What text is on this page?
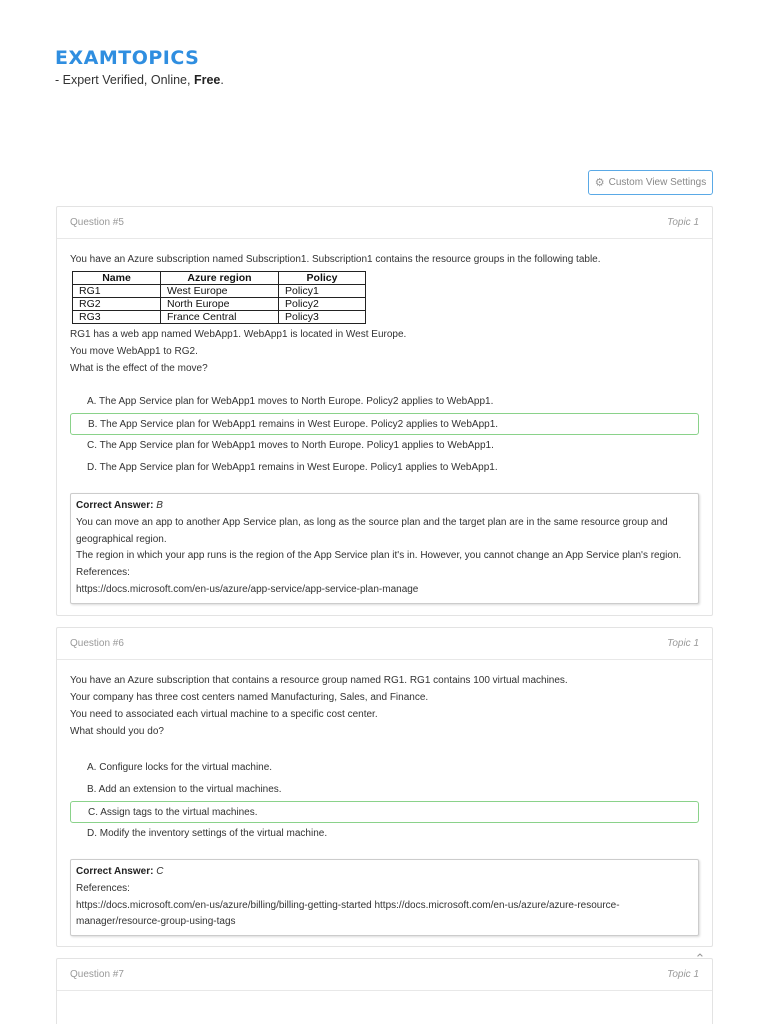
EXAMTOPICS
- Expert Verified, Online, Free.
⚙ Custom View Settings
Question #5	Topic 1
You have an Azure subscription named Subscription1. Subscription1 contains the resource groups in the following table.
Name	Azure region	Policy
RG1	West Europe	Policy1
RG2	North Europe	Policy2
RG3	France Central	Policy3
RG1 has a web app named WebApp1. WebApp1 is located in West Europe.
You move WebApp1 to RG2.
What is the effect of the move?
A. The App Service plan for WebApp1 moves to North Europe. Policy2 applies to WebApp1.
B. The App Service plan for WebApp1 remains in West Europe. Policy2 applies to WebApp1.
C. The App Service plan for WebApp1 moves to North Europe. Policy1 applies to WebApp1.
D. The App Service plan for WebApp1 remains in West Europe. Policy1 applies to WebApp1.
Correct Answer: B
You can move an app to another App Service plan, as long as the source plan and the target plan are in the same resource group and
geographical region.
The region in which your app runs is the region of the App Service plan it's in. However, you cannot change an App Service plan's region.
References:
https://docs.microsoft.com/en-us/azure/app-service/app-service-plan-manage
Question #6	Topic 1
You have an Azure subscription that contains a resource group named RG1. RG1 contains 100 virtual machines.
Your company has three cost centers named Manufacturing, Sales, and Finance.
You need to associated each virtual machine to a specific cost center.
What should you do?
A. Configure locks for the virtual machine.
B. Add an extension to the virtual machines.
C. Assign tags to the virtual machines.
D. Modify the inventory settings of the virtual machine.
Correct Answer: C
References:
https://docs.microsoft.com/en-us/azure/billing/billing-getting-started https://docs.microsoft.com/en-us/azure/azure-resource-
manager/resource-group-using-tags
Question #7	Topic 1
⌃
